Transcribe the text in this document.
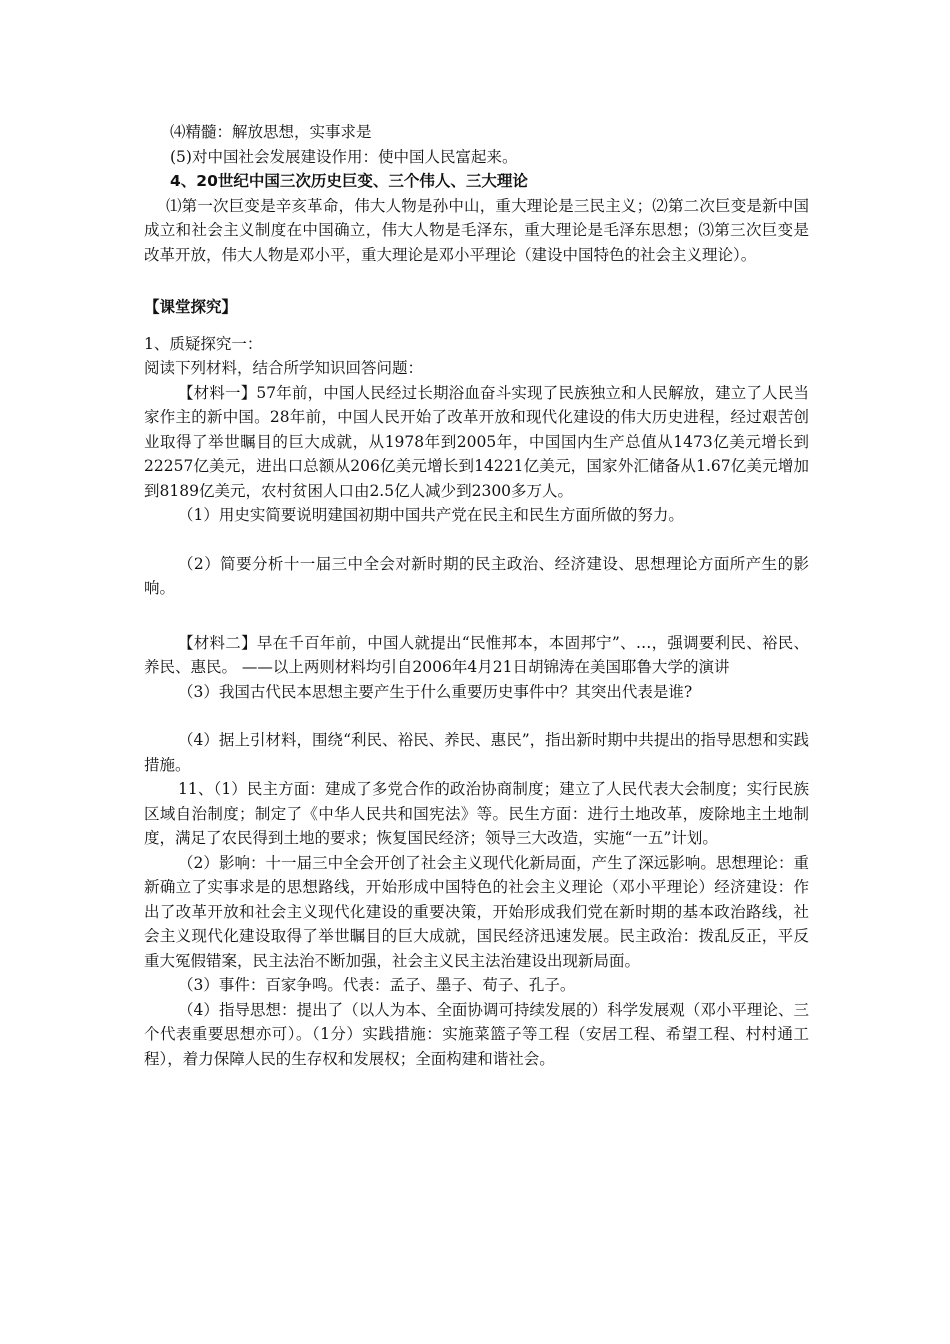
⑷精髓：解放思想，实事求是
(5)对中国社会发展建设作用：使中国人民富起来。
4、20世纪中国三次历史巨变、三个伟人、三大理论
⑴第一次巨变是辛亥革命，伟大人物是孙中山，重大理论是三民主义；⑵第二次巨变是新中国成立和社会主义制度在中国确立，伟大人物是毛泽东，重大理论是毛泽东思想；⑶第三次巨变是改革开放，伟大人物是邓小平，重大理论是邓小平理论（建设中国特色的社会主义理论）。
【课堂探究】
1、质疑探究一：
阅读下列材料，结合所学知识回答问题：
【材料一】57年前，中国人民经过长期浴血奋斗实现了民族独立和人民解放，建立了人民当家作主的新中国。28年前，中国人民开始了改革开放和现代化建设的伟大历史进程，经过艰苦创业取得了举世瞩目的巨大成就，从1978年到2005年，中国国内生产总值从1473亿美元增长到22257亿美元，进出口总额从206亿美元增长到14221亿美元，国家外汇储备从1.67亿美元增加到8189亿美元，农村贫困人口由2.5亿人减少到2300多万人。
（1）用史实简要说明建国初期中国共产党在民主和民生方面所做的努力。
（2）简要分析十一届三中全会对新时期的民主政治、经济建设、思想理论方面所产生的影响。
【材料二】早在千百年前，中国人就提出“民惟邦本，本固邦宁”、…，强调要利民、裕民、养民、惠民。 ——以上两则材料均引自2006年4月21日胡锦涛在美国耶鲁大学的演讲
（3）我国古代民本思想主要产生于什么重要历史事件中？其突出代表是谁?
（4）据上引材料，围绕“利民、裕民、养民、惠民”，指出新时期中共提出的指导思想和实践措施。
11、（1）民主方面：建成了多党合作的政治协商制度；建立了人民代表大会制度；实行民族区域自治制度；制定了《中华人民共和国宪法》等。民生方面：进行土地改革，废除地主土地制度，满足了农民得到土地的要求；恢复国民经济；领导三大改造，实施“一五”计划。
（2）影响：十一届三中全会开创了社会主义现代化新局面，产生了深远影响。思想理论：重新确立了实事求是的思想路线，开始形成中国特色的社会主义理论（邓小平理论）经济建设：作出了改革开放和社会主义现代化建设的重要决策，开始形成我们党在新时期的基本政治路线，社会主义现代化建设取得了举世瞩目的巨大成就，国民经济迅速发展。民主政治：拨乱反正，平反重大冤假错案，民主法治不断加强，社会主义民主法治建设出现新局面。
（3）事件：百家争鸣。代表：孟子、墨子、荀子、孔子。
（4）指导思想：提出了（以人为本、全面协调可持续发展的）科学发展观（邓小平理论、三个代表重要思想亦可）。（1分）实践措施：实施菜篮子等工程（安居工程、希望工程、村村通工程），着力保障人民的生存权和发展权；全面构建和谐社会。
